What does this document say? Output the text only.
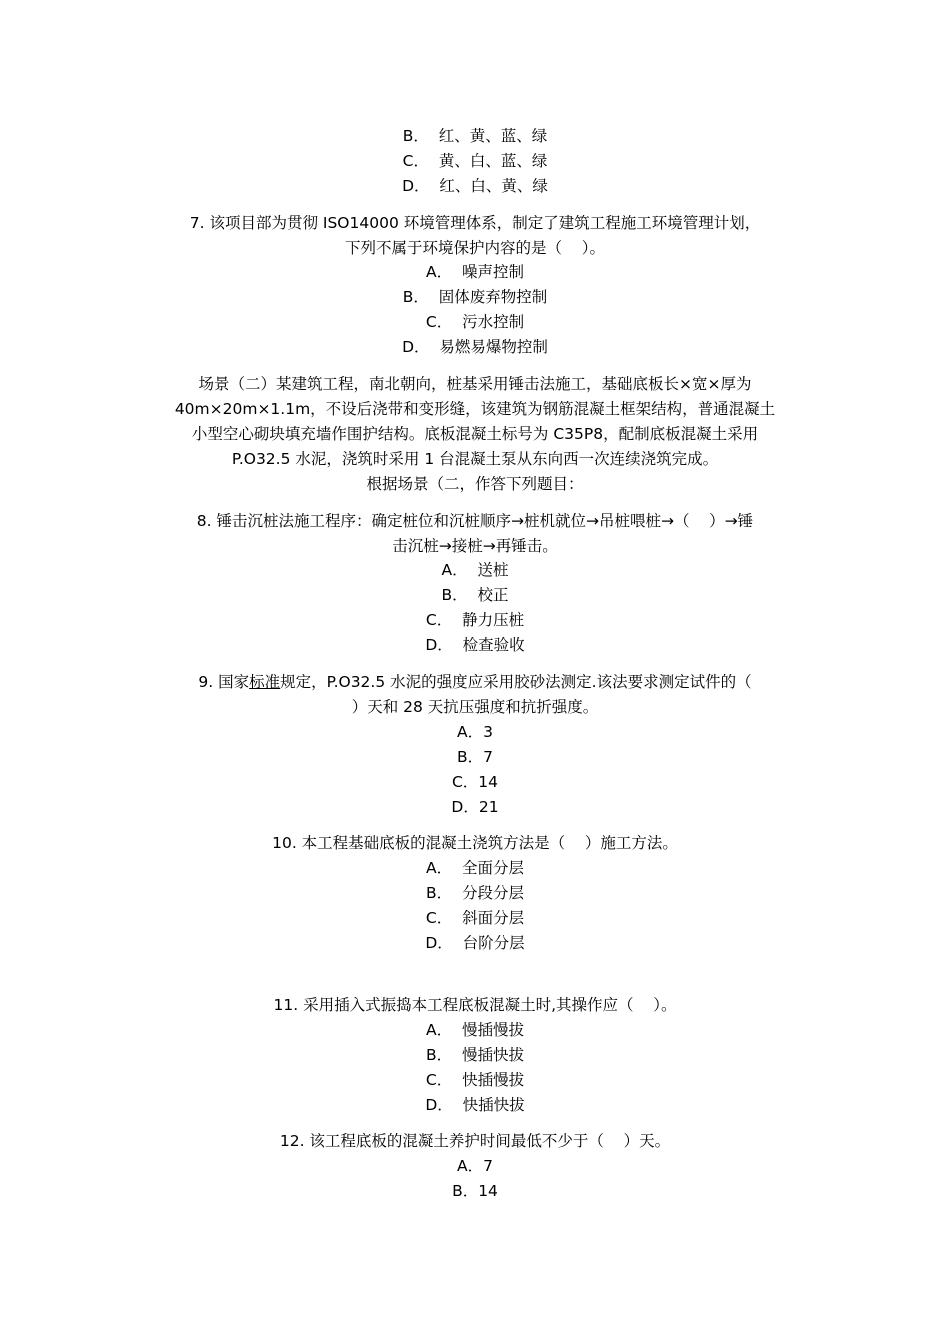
B．  红、黄、蓝、绿
C．  黄、白、蓝、绿
D．  红、白、黄、绿
7. 该项目部为贯彻 ISO14000 环境管理体系，制定了建筑工程施工环境管理计划，
下列不属于环境保护内容的是（    ）。
A．  噪声控制
B．  固体废弃物控制
C．  污水控制
D．  易燃易爆物控制
场景（二）某建筑工程，南北朝向，桩基采用锤击法施工，基础底板长×宽×厚为
40m×20m×1.1m，不设后浇带和变形缝，该建筑为钢筋混凝土框架结构，普通混凝土
小型空心砌块填充墙作围护结构。底板混凝土标号为 C35P8，配制底板混凝土采用
P.O32.5 水泥，浇筑时采用 1 台混凝土泵从东向西一次连续浇筑完成。
根据场景（二，作答下列题目：
8. 锤击沉桩法施工程序：确定桩位和沉桩顺序→桩机就位→吊桩喂桩→（    ）→锤
击沉桩→接桩→再锤击。
A．  送桩
B．  校正
C．  静力压桩
D．  检查验收
9. 国家标准规定，P.O32.5 水泥的强度应采用胶砂法测定.该法要求测定试件的（
）天和 28 天抗压强度和抗折强度。
A．3
B．7
C．14
D．21
10. 本工程基础底板的混凝土浇筑方法是（    ）施工方法。
A．  全面分层
B．  分段分层
C．  斜面分层
D．  台阶分层
11. 采用插入式振捣本工程底板混凝土时,其操作应（    ）。
A．  慢插慢拔
B．  慢插快拔
C．  快插慢拔
D．  快插快拔
12. 该工程底板的混凝土养护时间最低不少于（    ）天。
A．7
B．14
